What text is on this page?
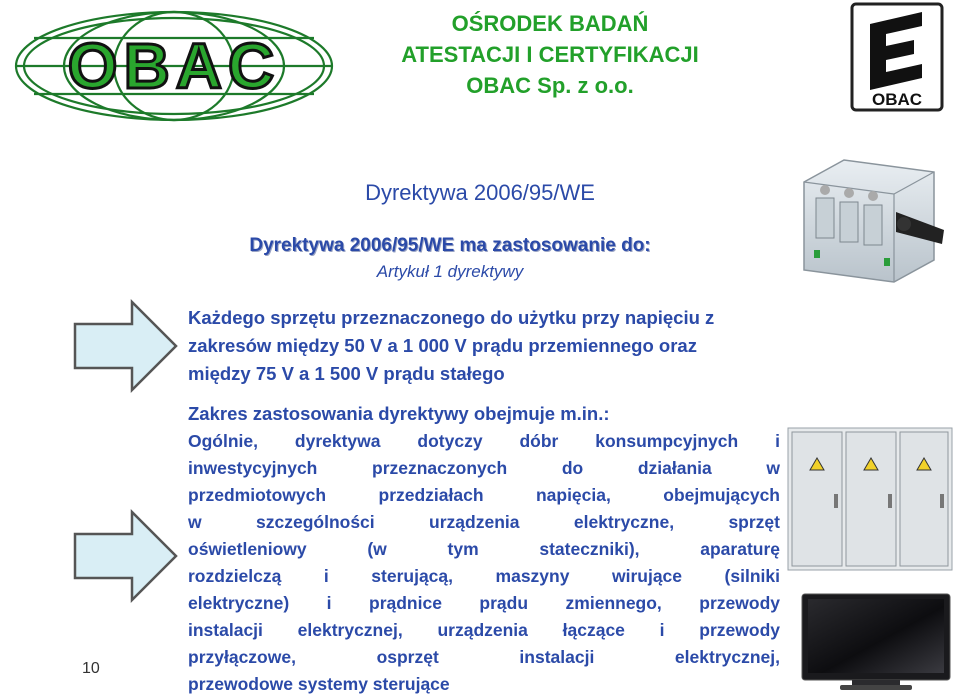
OBAC
OŚRODEK BADAŃ
ATESTACJI I CERTYFIKACJI
OBAC Sp. z o.o.
OBAC
Dyrektywa 2006/95/WE
Dyrektywa 2006/95/WE ma zastosowanie do:
Artykuł 1 dyrektywy
Każdego sprzętu przeznaczonego do użytku przy napięciu z
zakresów między 50 V a 1 000 V prądu przemiennego oraz
między 75 V a 1 500 V prądu stałego
Zakres zastosowania dyrektywy obejmuje m.in.:
Ogólnie, dyrektywa dotyczy dóbr konsumpcyjnych i
inwestycyjnych przeznaczonych do działania w
przedmiotowych przedziałach napięcia, obejmujących
w szczególności urządzenia elektryczne, sprzęt
oświetleniowy (w tym stateczniki), aparaturę
rozdzielczą i sterującą, maszyny wirujące (silniki
elektryczne) i prądnice prądu zmiennego, przewody
instalacji elektrycznej, urządzenia łączące i przewody
przyłączowe, osprzęt instalacji elektrycznej,
przewodowe systemy sterujące
10
